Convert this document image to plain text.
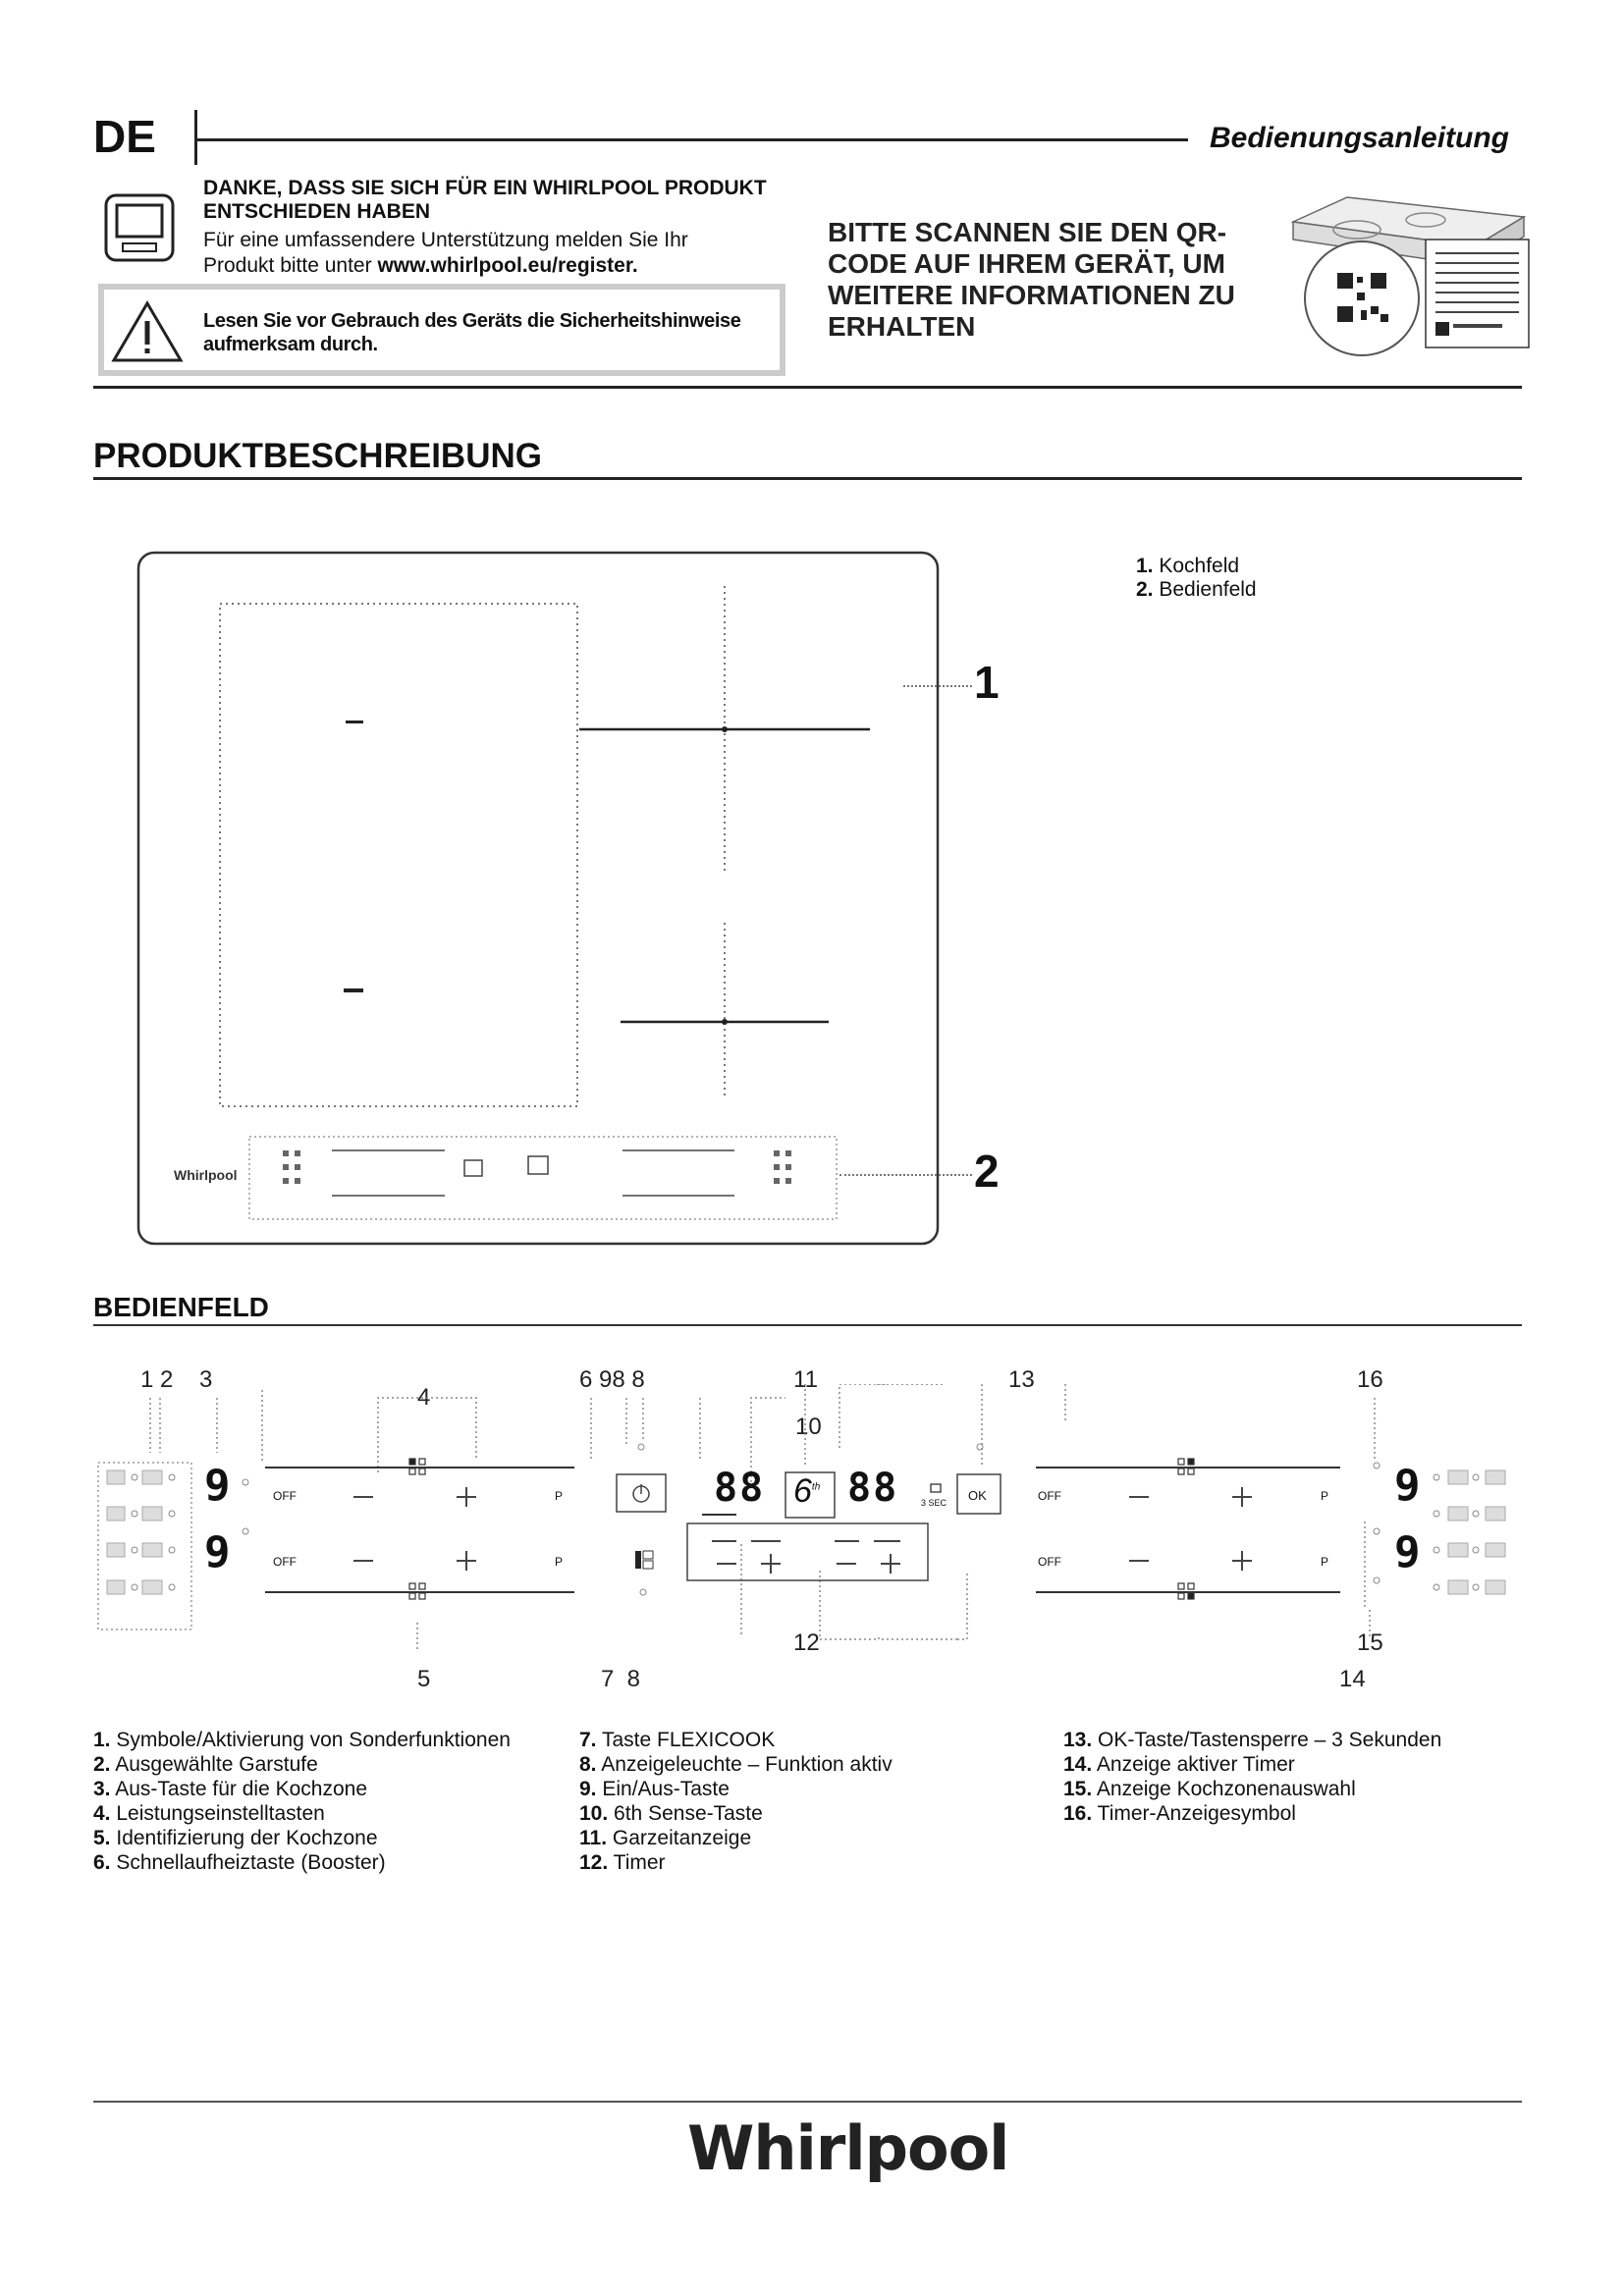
DE	Bedienungsanleitung
DANKE, DASS SIE SICH FÜR EIN WHIRLPOOL PRODUKT
ENTSCHIEDEN HABEN
Für eine umfassendere Unterstützung melden Sie Ihr
Produkt bitte unter www.whirlpool.eu/register.
Lesen Sie vor Gebrauch des Geräts die Sicherheitshinweise
aufmerksam durch.
BITTE SCANNEN SIE DEN QR-
CODE AUF IHREM GERÄT, UM
WEITERE INFORMATIONEN ZU
ERHALTEN
PRODUKTBESCHREIBUNG
1. Kochfeld
2. Bedienfeld
Whirlpool
1
2
BEDIENFELD
1 2 3
4
6 98 8	11
10
13	16
5	7  8
12	15
14
9
9
9
9
OFF
OFF
OFF
OFF
P
P
P
P
88 88
6th
OK
3 SEC
1. Symbole/Aktivierung von Sonderfunktionen
2. Ausgewählte Garstufe
3. Aus-Taste für die Kochzone
4. Leistungseinstelltasten
5. Identifizierung der Kochzone
6. Schnellaufheiztaste (Booster)
7. Taste FLEXICOOK
8. Anzeigeleuchte – Funktion aktiv
9. Ein/Aus-Taste
10. 6th Sense-Taste
11. Garzeitanzeige
12. Timer
13. OK-Taste/Tastensperre – 3 Sekunden
14. Anzeige aktiver Timer
15. Anzeige Kochzonenauswahl
16. Timer-Anzeigesymbol
Whirlpool
